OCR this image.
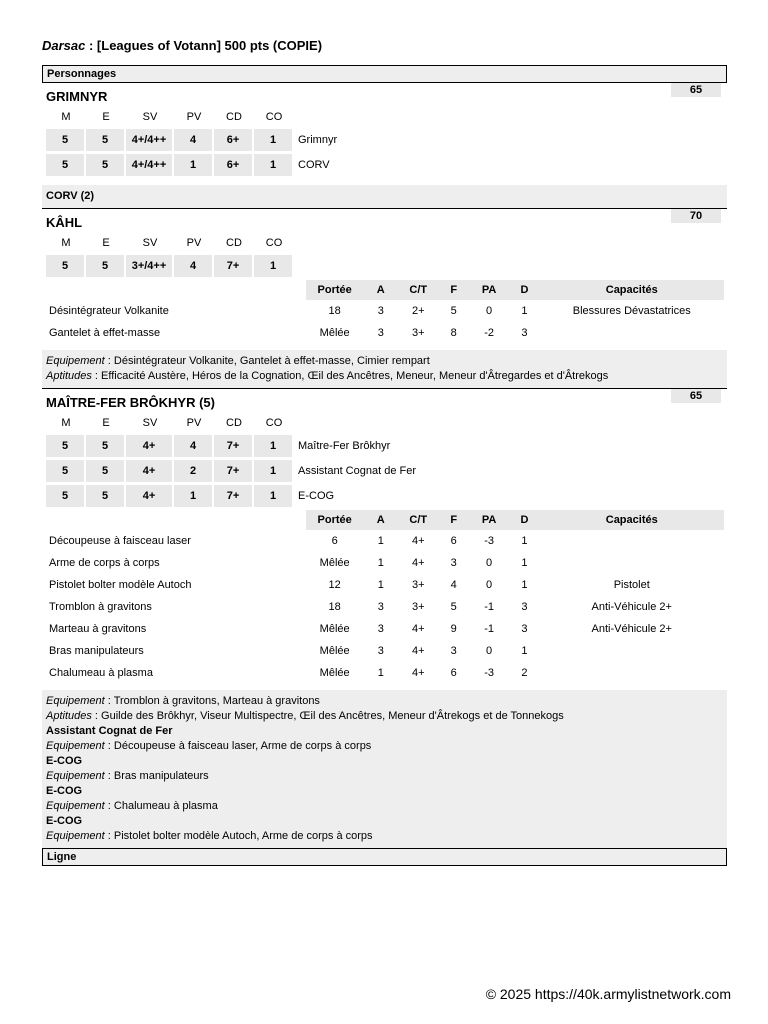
Darsac : [Leagues of Votann] 500 pts (COPIE)
Personnages
GRIMNYR	65
M	E	SV	PV	CD	CO	
5	5	4+/4++	4	6+	1	Grimnyr
5	5	4+/4++	1	6+	1	CORV
CORV (2)
KÂHL	70
M	E	SV	PV	CD	CO	
5	5	3+/4++	4	7+	1	
	Portée	A	C/T	F	PA	D	Capacités
Désintégrateur Volkanite	18	3	2+	5	0	1	Blessures Dévastatrices
Gantelet à effet-masse	Mêlée	3	3+	8	-2	3	
Equipement : Désintégrateur Volkanite, Gantelet à effet-masse, Cimier rempart
Aptitudes : Efficacité Austère, Héros de la Cognation, Œil des Ancêtres, Meneur, Meneur d'Âtregardes et d'Âtrekogs
MAÎTRE-FER BRÔKHYR (5)	65
M	E	SV	PV	CD	CO	
5	5	4+	4	7+	1	Maître-Fer Brôkhyr
5	5	4+	2	7+	1	Assistant Cognat de Fer
5	5	4+	1	7+	1	E-COG
	Portée	A	C/T	F	PA	D	Capacités
Découpeuse à faisceau laser	6	1	4+	6	-3	1	
Arme de corps à corps	Mêlée	1	4+	3	0	1	
Pistolet bolter modèle Autoch	12	1	3+	4	0	1	Pistolet
Tromblon à gravitons	18	3	3+	5	-1	3	Anti-Véhicule 2+
Marteau à gravitons	Mêlée	3	4+	9	-1	3	Anti-Véhicule 2+
Bras manipulateurs	Mêlée	3	4+	3	0	1	
Chalumeau à plasma	Mêlée	1	4+	6	-3	2	
Equipement : Tromblon à gravitons, Marteau à gravitons
Aptitudes : Guilde des Brôkhyr, Viseur Multispectre, Œil des Ancêtres, Meneur d'Âtrekogs et de Tonnekogs
Assistant Cognat de Fer
Equipement : Découpeuse à faisceau laser, Arme de corps à corps
E-COG
Equipement : Bras manipulateurs
E-COG
Equipement : Chalumeau à plasma
E-COG
Equipement : Pistolet bolter modèle Autoch, Arme de corps à corps
Ligne
© 2025 https://40k.armylistnetwork.com
